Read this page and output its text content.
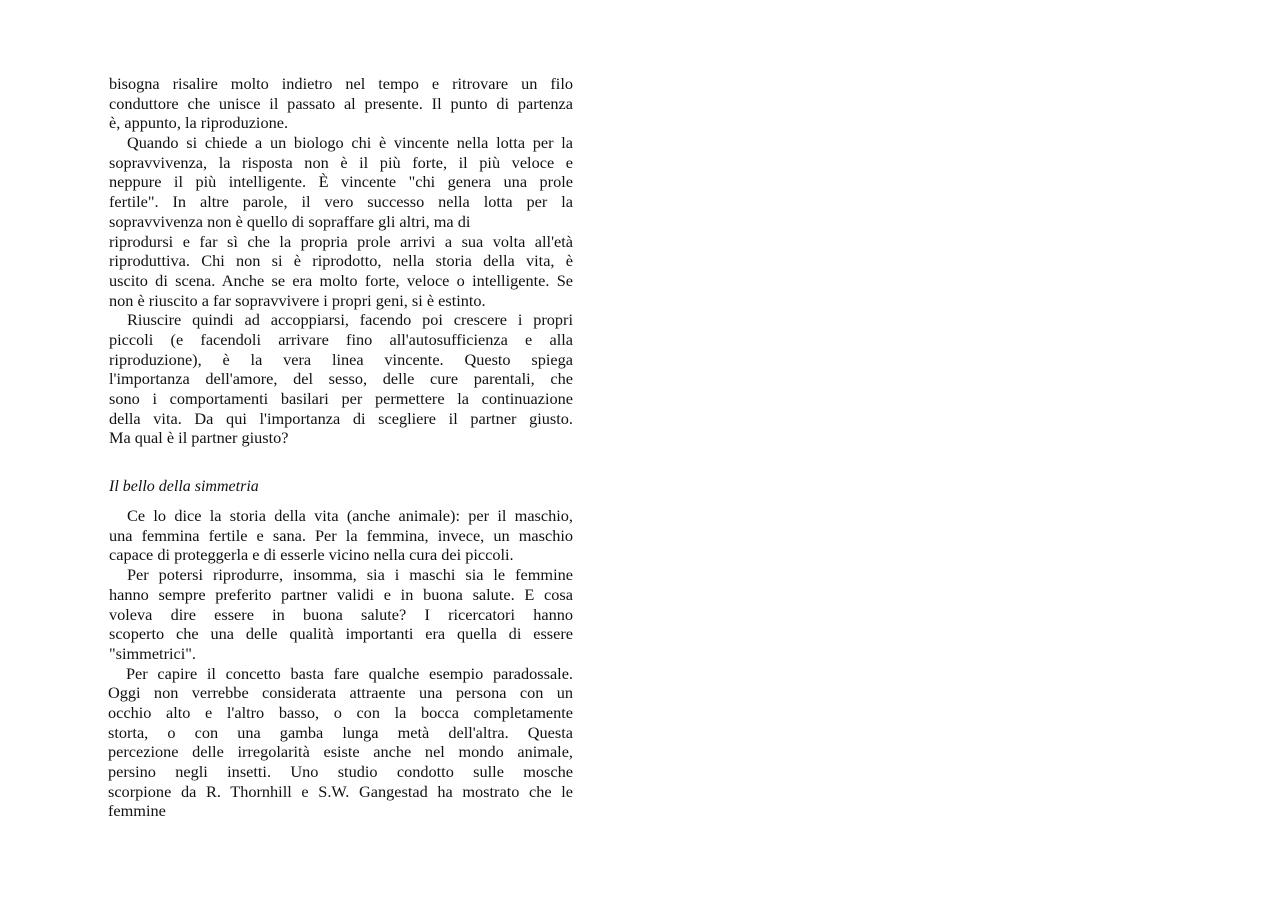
bisogna risalire molto indietro nel tempo e ritrovare un filo
conduttore che unisce il passato al presente. Il punto di partenza
è, appunto, la riproduzione.
Quando si chiede a un biologo chi è vincente nella lotta per la
sopravvivenza, la risposta non è il più forte, il più veloce e
neppure il più intelligente. È vincente "chi genera una prole
fertile". In altre parole, il vero successo nella lotta per la
sopravvivenza non è quello di sopraffare gli altri, ma di
riprodursi e far sì che la propria prole arrivi a sua volta all'età
riproduttiva. Chi non si è riprodotto, nella storia della vita, è
uscito di scena. Anche se era molto forte, veloce o intelligente. Se
non è riuscito a far sopravvivere i propri geni, si è estinto.
Riuscire quindi ad accoppiarsi, facendo poi crescere i propri
piccoli (e facendoli arrivare fino all'autosufficienza e alla
riproduzione), è la vera linea vincente. Questo spiega
l'importanza dell'amore, del sesso, delle cure parentali, che
sono i comportamenti basilari per permettere la continuazione
della vita. Da qui l'importanza di scegliere il partner giusto.
Ma qual è il partner giusto?
Il bello della simmetria
Ce lo dice la storia della vita (anche animale): per il maschio,
una femmina fertile e sana. Per la femmina, invece, un maschio
capace di proteggerla e di esserle vicino nella cura dei piccoli.
Per potersi riprodurre, insomma, sia i maschi sia le femmine
hanno sempre preferito partner validi e in buona salute. E cosa
voleva dire essere in buona salute? I ricercatori hanno
scoperto che una delle qualità importanti era quella di essere
"simmetrici".
Per capire il concetto basta fare qualche esempio paradossale.
Oggi non verrebbe considerata attraente una persona con un
occhio alto e l'altro basso, o con la bocca completamente
storta, o con una gamba lunga metà dell'altra. Questa
percezione delle irregolarità esiste anche nel mondo animale,
persino negli insetti. Uno studio condotto sulle mosche
scorpione da R. Thornhill e S.W. Gangestad ha mostrato che le
femmine
